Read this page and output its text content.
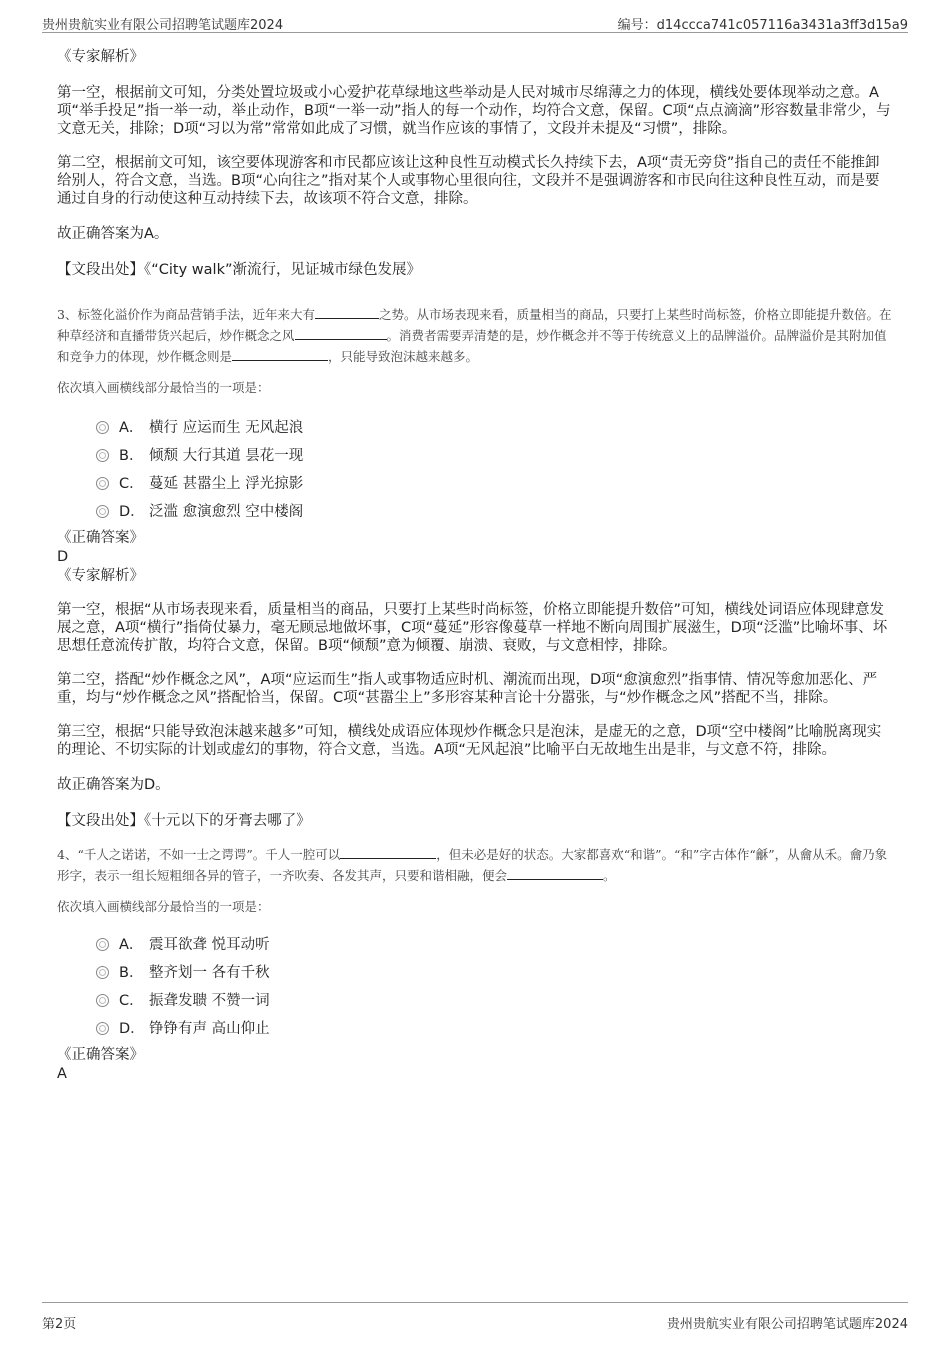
贵州贵航实业有限公司招聘笔试题库2024	编号：d14ccca741c057116a3431a3ff3d15a9

《专家解析》

第一空，根据前文可知，分类处置垃圾或小心爱护花草绿地这些举动是人民对城市尽绵薄之力的体现，横线处要体现举动之意。A项“举手投足”指一举一动，举止动作，B项“一举一动”指人的每一个动作，均符合文意，保留。C项“点点滴滴”形容数量非常少，与文意无关，排除；D项“习以为常”常常如此成了习惯，就当作应该的事情了，文段并未提及“习惯”，排除。

第二空，根据前文可知，该空要体现游客和市民都应该让这种良性互动模式长久持续下去，A项“责无旁贷”指自己的责任不能推卸给别人，符合文意，当选。B项“心向往之”指对某个人或事物心里很向往，文段并不是强调游客和市民向往这种良性互动，而是要通过自身的行动使这种互动持续下去，故该项不符合文意，排除。

故正确答案为A。

【文段出处】《“City walk”渐流行，见证城市绿色发展》

3、标签化溢价作为商品营销手法，近年来大有	之势。从市场表现来看，质量相当的商品，只要打上某些时尚标签，价格立即能提升数倍。在种草经济和直播带货兴起后，炒作概念之风	。消费者需要弄清楚的是，炒作概念并不等于传统意义上的品牌溢价。品牌溢价是其附加值和竞争力的体现，炒作概念则是	，只能导致泡沫越来越多。

依次填入画横线部分最恰当的一项是：

A． 横行 应运而生 无风起浪
B． 倾颓 大行其道 昙花一现
C． 蔓延 甚嚣尘上 浮光掠影
D． 泛滥 愈演愈烈 空中楼阁

《正确答案》

D

《专家解析》

第一空，根据“从市场表现来看，质量相当的商品，只要打上某些时尚标签，价格立即能提升数倍”可知，横线处词语应体现肆意发展之意，A项“横行”指倚仗暴力，毫无顾忌地做坏事，C项“蔓延”形容像蔓草一样地不断向周围扩展滋生，D项“泛滥”比喻坏事、坏思想任意流传扩散，均符合文意，保留。B项“倾颓”意为倾覆、崩溃、衰败，与文意相悖，排除。

第二空，搭配“炒作概念之风”，A项“应运而生”指人或事物适应时机、潮流而出现，D项“愈演愈烈”指事情、情况等愈加恶化、严重，均与“炒作概念之风”搭配恰当，保留。C项“甚嚣尘上”多形容某种言论十分嚣张，与“炒作概念之风”搭配不当，排除。

第三空，根据“只能导致泡沫越来越多”可知，横线处成语应体现炒作概念只是泡沫，是虚无的之意，D项“空中楼阁”比喻脱离现实的理论、不切实际的计划或虚幻的事物，符合文意，当选。A项“无风起浪”比喻平白无故地生出是非，与文意不符，排除。

故正确答案为D。

【文段出处】《十元以下的牙膏去哪了》

4、“千人之诺诺，不如一士之谔谔”。千人一腔可以	，但未必是好的状态。大家都喜欢“和谐”。“和”字古体作“龢”，从龠从禾。龠乃象形字，表示一组长短粗细各异的管子，一齐吹奏、各发其声，只要和谐相融，便会	。

依次填入画横线部分最恰当的一项是：

A． 震耳欲聋 悦耳动听
B． 整齐划一 各有千秋
C． 振聋发聩 不赞一词
D． 铮铮有声 高山仰止

《正确答案》

A

第2页	贵州贵航实业有限公司招聘笔试题库2024
